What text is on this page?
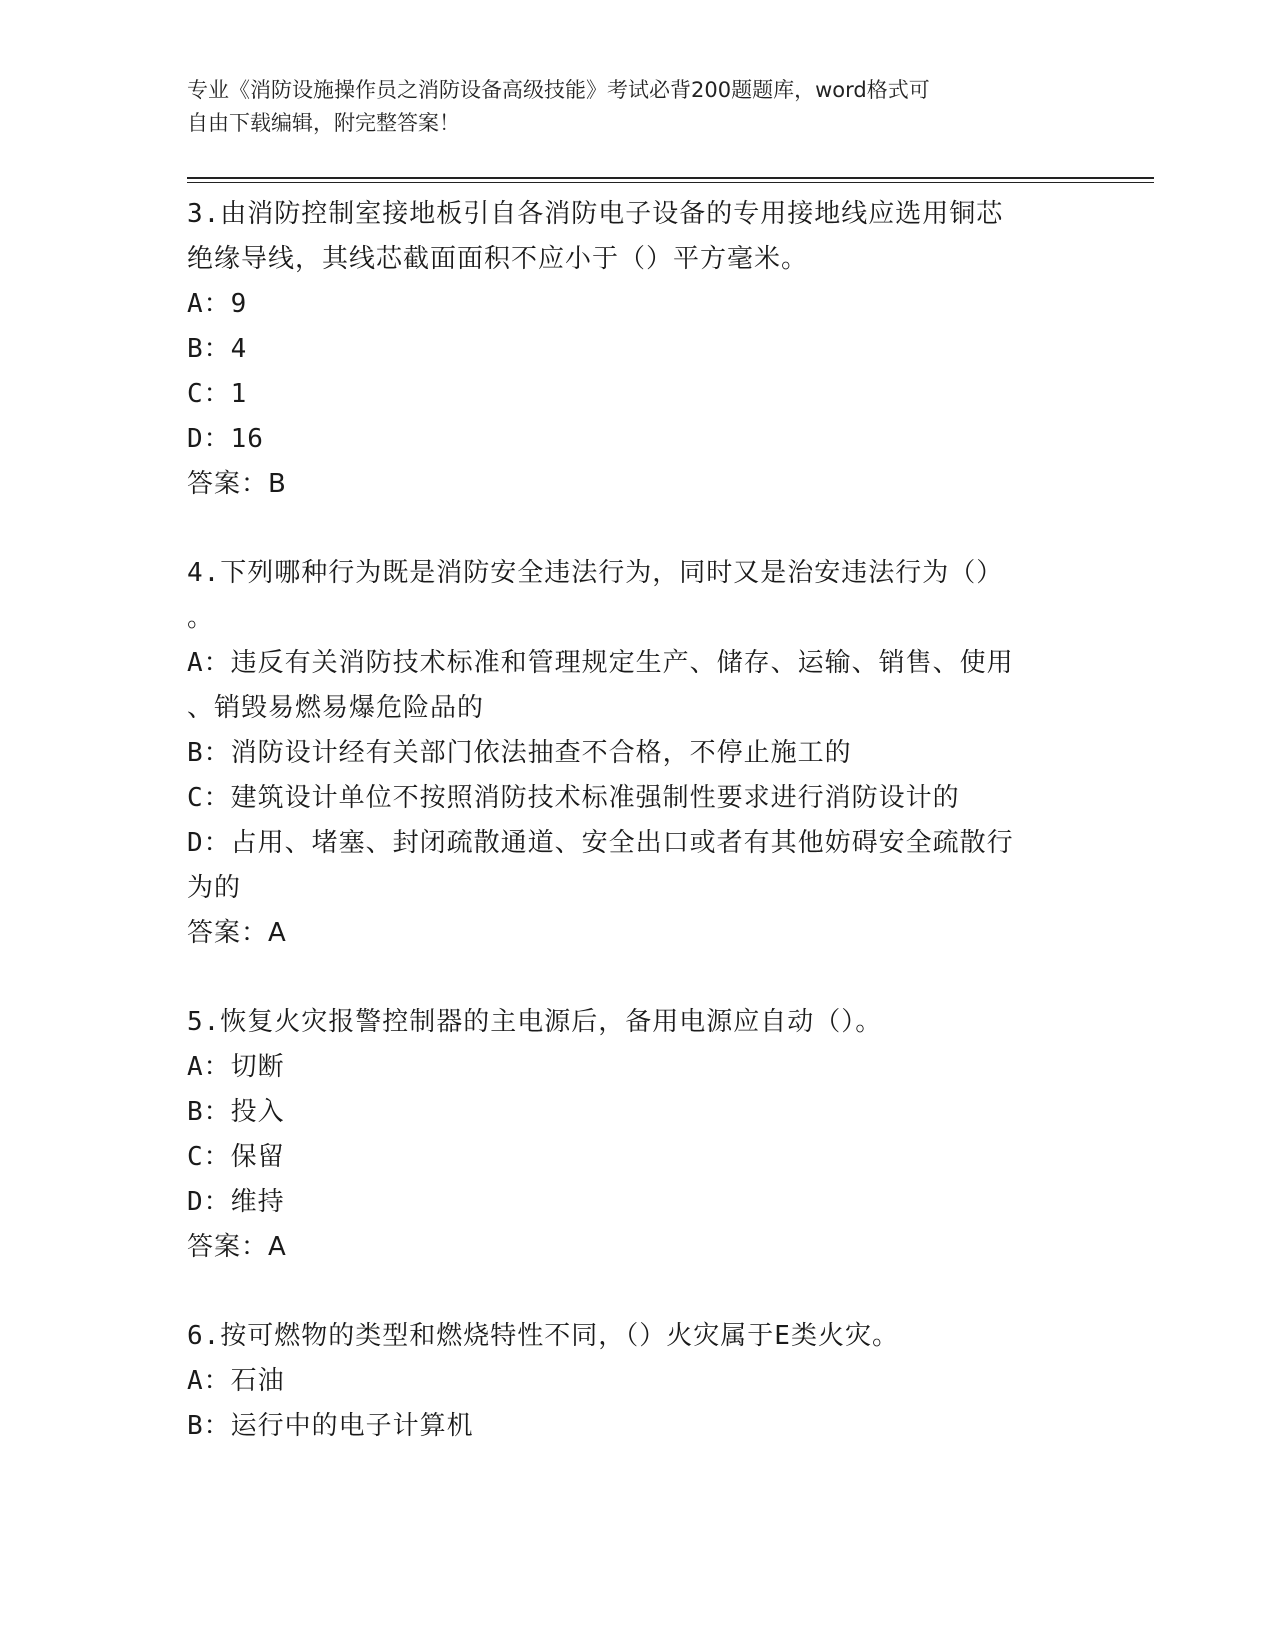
专业《消防设施操作员之消防设备高级技能》考试必背200题题库，word格式可
自由下载编辑，附完整答案！
3.由消防控制室接地板引自各消防电子设备的专用接地线应选用铜芯
绝缘导线，其线芯截面面积不应小于（）平方毫米。
A：9
B：4
C：1
D：16
答案：B
4.下列哪种行为既是消防安全违法行为，同时又是治安违法行为（）
。
A：违反有关消防技术标准和管理规定生产、储存、运输、销售、使用
、销毁易燃易爆危险品的
B：消防设计经有关部门依法抽查不合格，不停止施工的
C：建筑设计单位不按照消防技术标准强制性要求进行消防设计的
D：占用、堵塞、封闭疏散通道、安全出口或者有其他妨碍安全疏散行
为的
答案：A
5.恢复火灾报警控制器的主电源后，备用电源应自动（）。
A：切断
B：投入
C：保留
D：维持
答案：A
6.按可燃物的类型和燃烧特性不同，（）火灾属于E类火灾。
A：石油
B：运行中的电子计算机
